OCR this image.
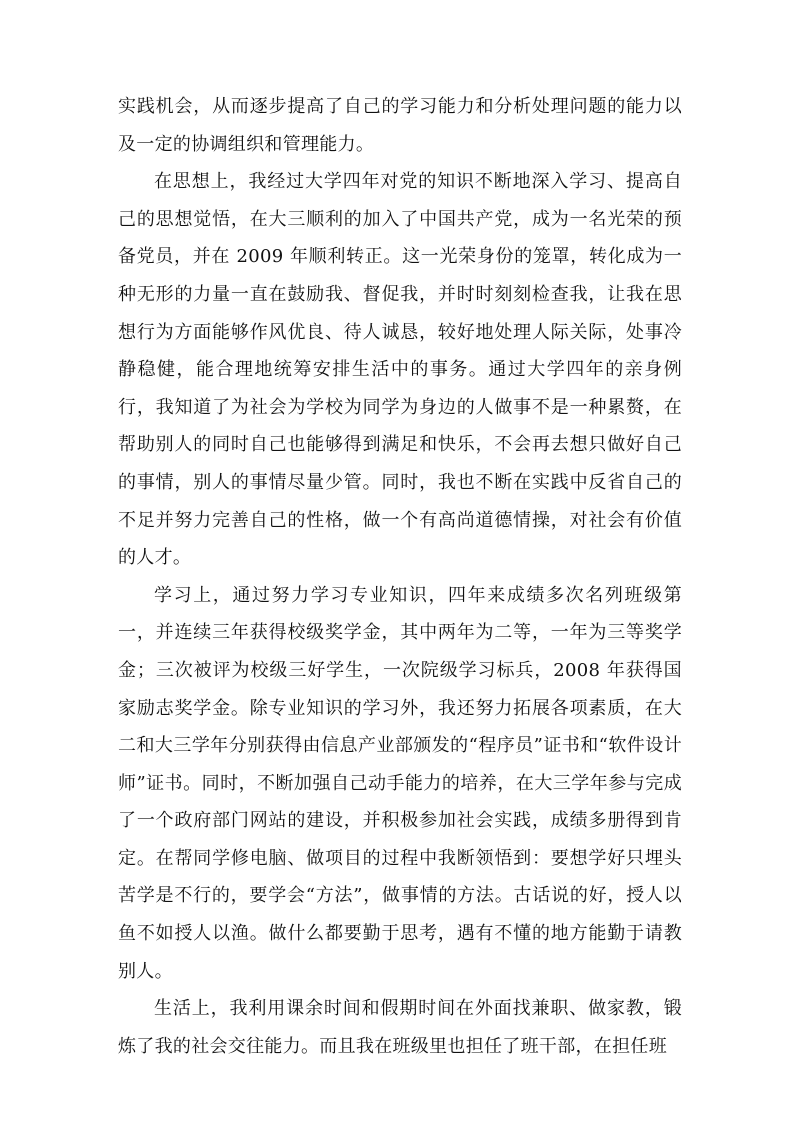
实践机会，从而逐步提高了自己的学习能力和分析处理问题的能力以及一定的协调组织和管理能力。

在思想上，我经过大学四年对党的知识不断地深入学习、提高自己的思想觉悟，在大三顺利的加入了中国共产党，成为一名光荣的预备党员，并在 2009 年顺利转正。这一光荣身份的笼罩，转化成为一种无形的力量一直在鼓励我、督促我，并时时刻刻检查我，让我在思想行为方面能够作风优良、待人诚恳，较好地处理人际关际，处事冷静稳健，能合理地统筹安排生活中的事务。通过大学四年的亲身例行，我知道了为社会为学校为同学为身边的人做事不是一种累赘，在帮助别人的同时自己也能够得到满足和快乐，不会再去想只做好自己的事情，别人的事情尽量少管。同时，我也不断在实践中反省自己的不足并努力完善自己的性格，做一个有高尚道德情操，对社会有价值的人才。

学习上，通过努力学习专业知识，四年来成绩多次名列班级第一，并连续三年获得校级奖学金，其中两年为二等，一年为三等奖学金；三次被评为校级三好学生，一次院级学习标兵，2008 年获得国家励志奖学金。除专业知识的学习外，我还努力拓展各项素质，在大二和大三学年分别获得由信息产业部颁发的“程序员”证书和“软件设计师”证书。同时，不断加强自己动手能力的培养，在大三学年参与完成了一个政府部门网站的建设，并积极参加社会实践，成绩多册得到肯定。在帮同学修电脑、做项目的过程中我断领悟到：要想学好只埋头苦学是不行的，要学会“方法”，做事情的方法。古话说的好，授人以鱼不如授人以渔。做什么都要勤于思考，遇有不懂的地方能勤于请教别人。

生活上，我利用课余时间和假期时间在外面找兼职、做家教，锻炼了我的社会交往能力。而且我在班级里也担任了班干部，在担任班
